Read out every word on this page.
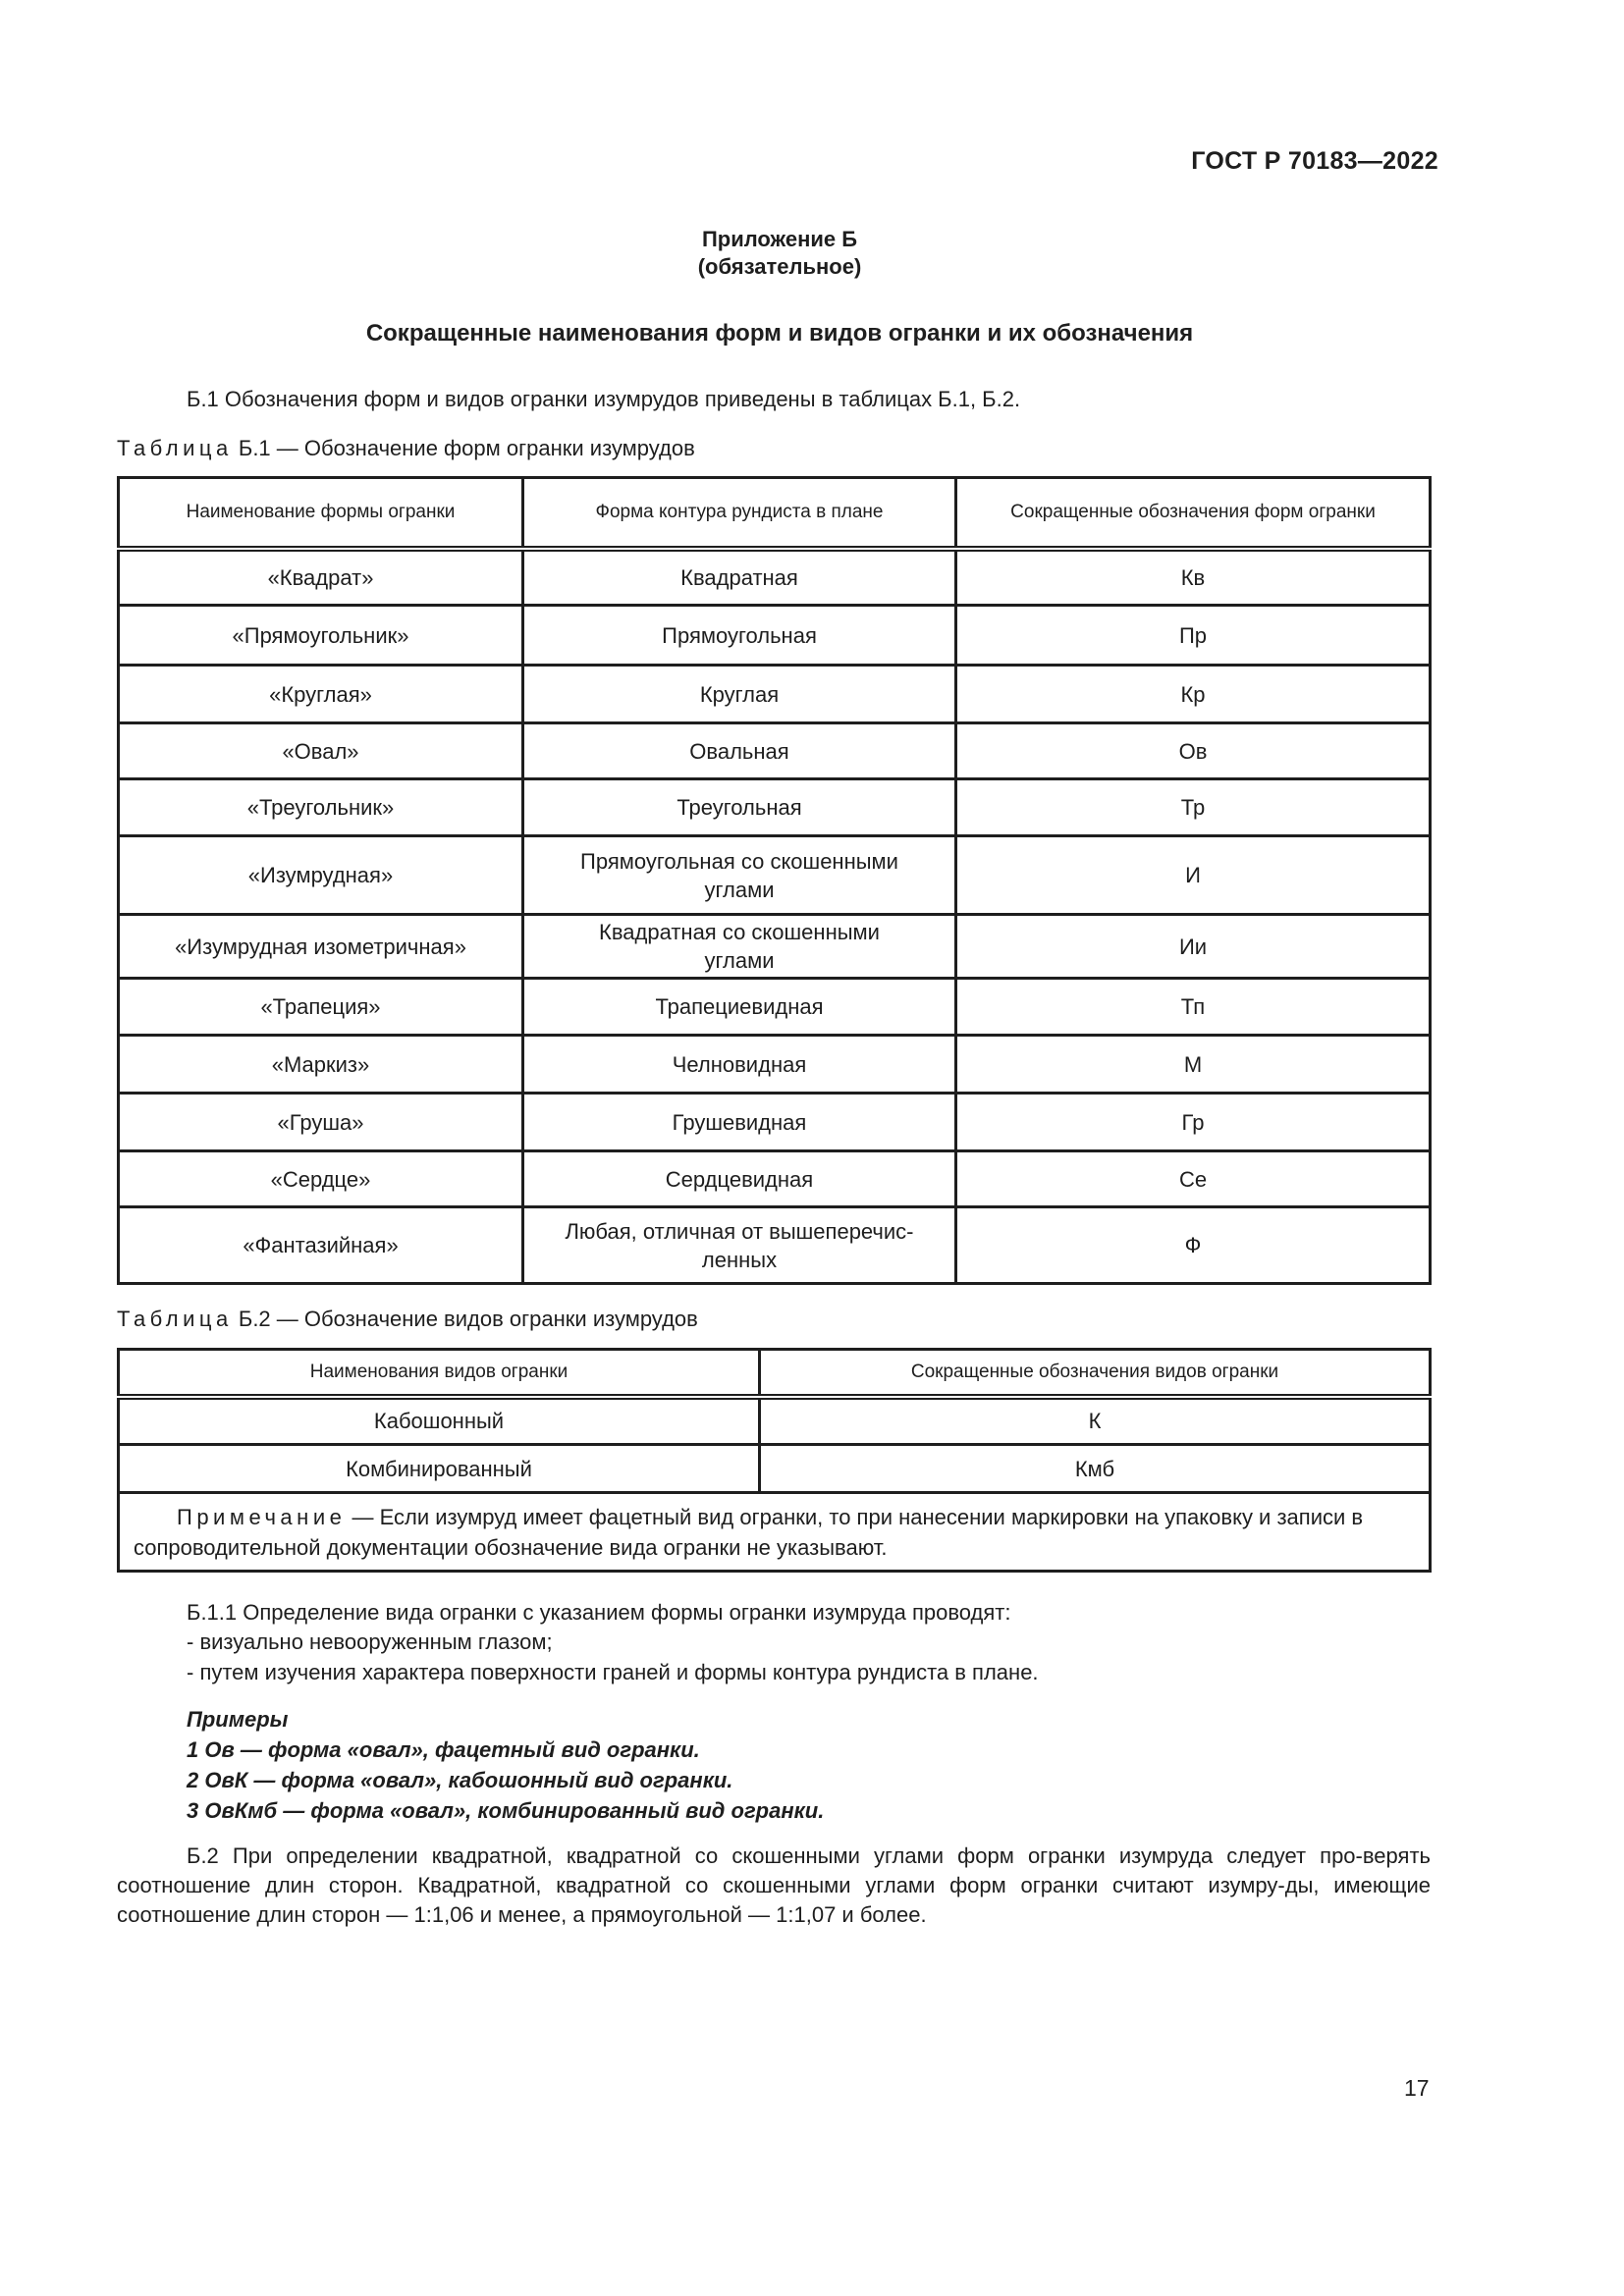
ГОСТ Р 70183—2022
Приложение Б
(обязательное)
Сокращенные наименования форм и видов огранки и их обозначения
Б.1 Обозначения форм и видов огранки изумрудов приведены в таблицах Б.1, Б.2.
Таблица Б.1 — Обозначение форм огранки изумрудов
Наименование формы огранки	Форма контура рундиста в плане	Сокращенные обозначения форм огранки
«Квадрат»	Квадратная	Кв
«Прямоугольник»	Прямоугольная	Пр
«Круглая»	Круглая	Кр
«Овал»	Овальная	Ов
«Треугольник»	Треугольная	Тр
«Изумрудная»	Прямоугольная со скошенными углами	И
«Изумрудная изометричная»	Квадратная со скошенными углами	Ии
«Трапеция»	Трапециевидная	Тп
«Маркиз»	Челновидная	М
«Груша»	Грушевидная	Гр
«Сердце»	Сердцевидная	Се
«Фантазийная»	Любая, отличная от вышеперечис-ленных	Ф
Таблица Б.2 — Обозначение видов огранки изумрудов
Наименования видов огранки	Сокращенные обозначения видов огранки
Кабошонный	К
Комбинированный	Кмб
Примечание — Если изумруд имеет фацетный вид огранки, то при нанесении маркировки на упаковку и записи в сопроводительной документации обозначение вида огранки не указывают.	
Б.1.1 Определение вида огранки с указанием формы огранки изумруда проводят:
- визуально невооруженным глазом;
- путем изучения характера поверхности граней и формы контура рундиста в плане.
Примеры
1 Ов — форма «овал», фацетный вид огранки.
2 ОвК — форма «овал», кабошонный вид огранки.
3 ОвКмб — форма «овал», комбинированный вид огранки.
Б.2 При определении квадратной, квадратной со скошенными углами форм огранки изумруда следует про-верять соотношение длин сторон. Квадратной, квадратной со скошенными углами форм огранки считают изумру-ды, имеющие соотношение длин сторон — 1:1,06 и менее, а прямоугольной — 1:1,07 и более.
17
